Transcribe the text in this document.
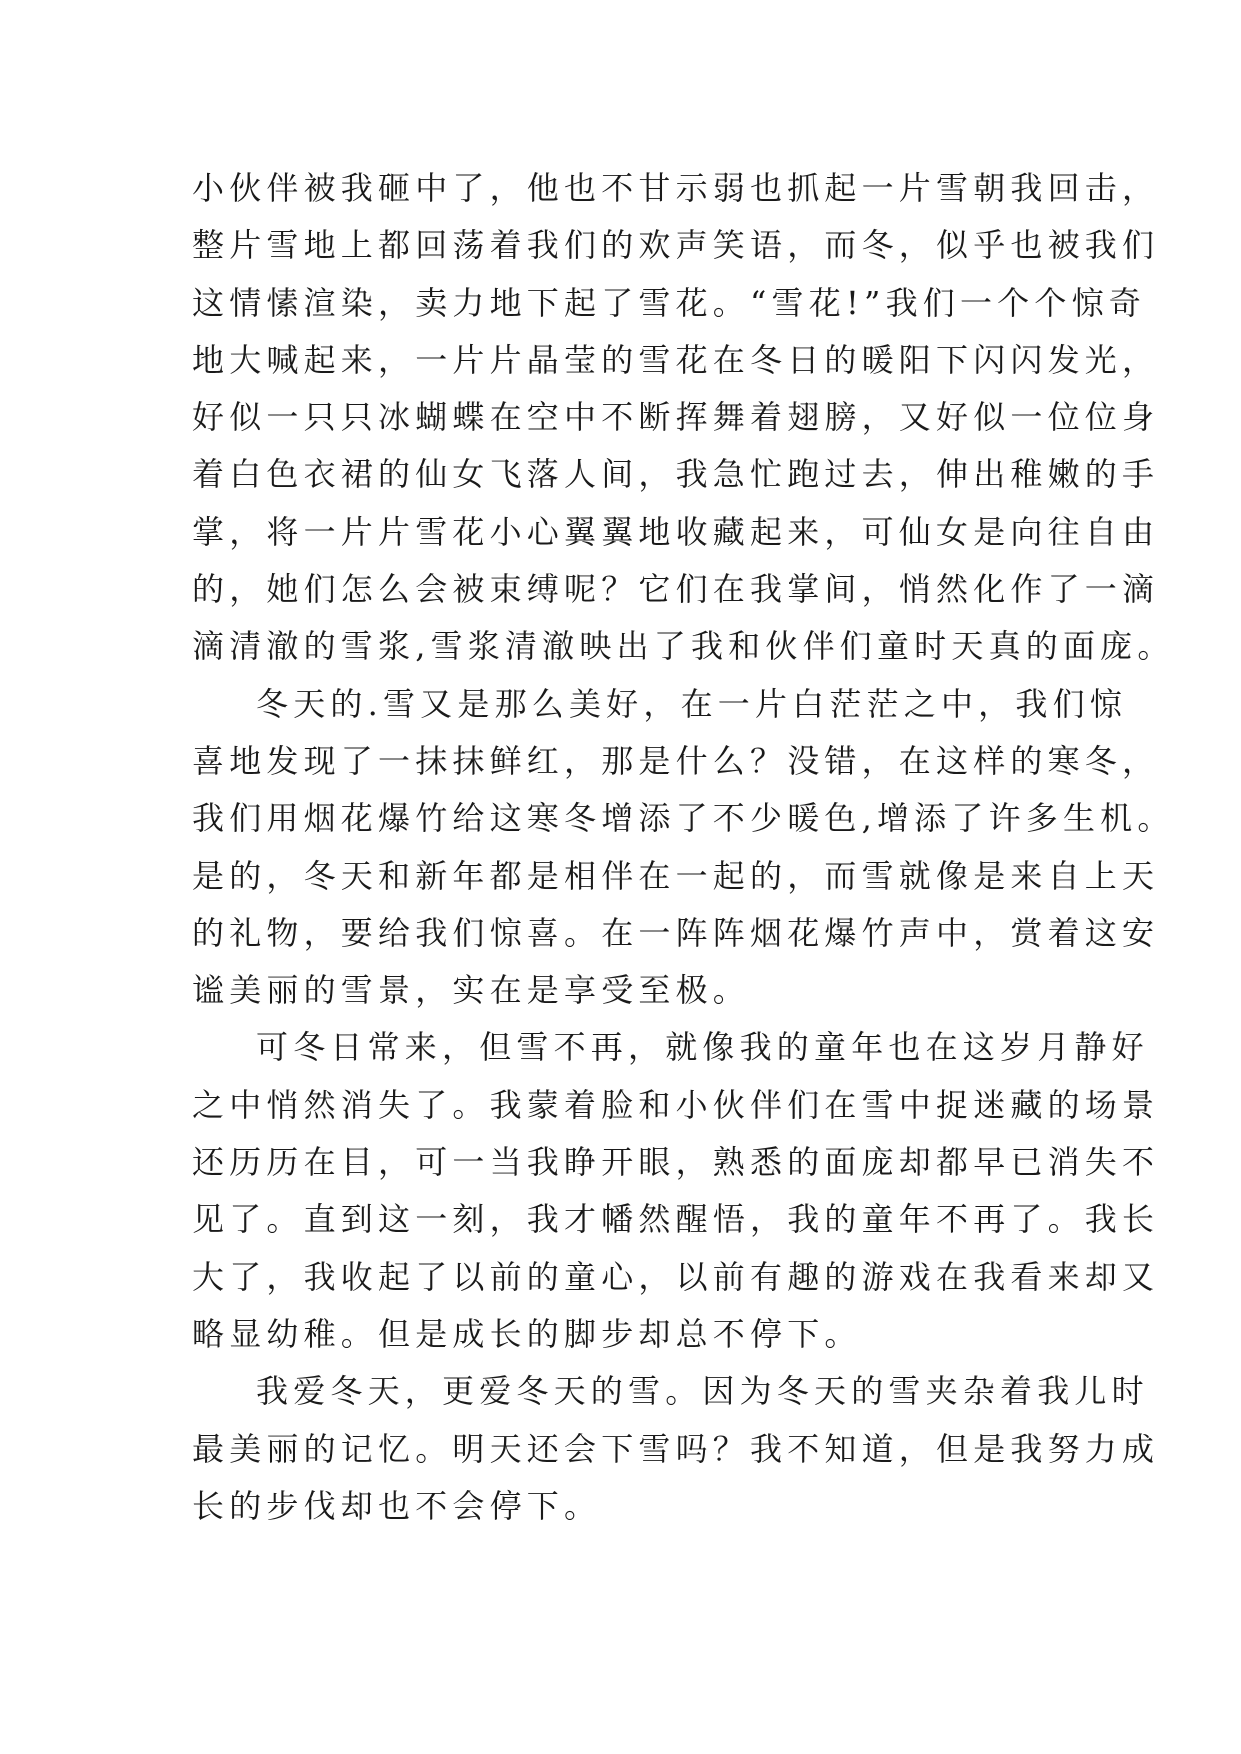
小伙伴被我砸中了，他也不甘示弱也抓起一片雪朝我回击，
整片雪地上都回荡着我们的欢声笑语，而冬，似乎也被我们
这情愫渲染，卖力地下起了雪花。“雪花!”我们一个个惊奇
地大喊起来，一片片晶莹的雪花在冬日的暖阳下闪闪发光，
好似一只只冰蝴蝶在空中不断挥舞着翅膀，又好似一位位身
着白色衣裙的仙女飞落人间，我急忙跑过去，伸出稚嫩的手
掌，将一片片雪花小心翼翼地收藏起来，可仙女是向往自由
的，她们怎么会被束缚呢？它们在我掌间，悄然化作了一滴
滴清澈的雪浆,雪浆清澈映出了我和伙伴们童时天真的面庞。
冬天的.雪又是那么美好，在一片白茫茫之中，我们惊
喜地发现了一抹抹鲜红，那是什么？没错，在这样的寒冬，
我们用烟花爆竹给这寒冬增添了不少暖色,增添了许多生机。
是的，冬天和新年都是相伴在一起的，而雪就像是来自上天
的礼物，要给我们惊喜。在一阵阵烟花爆竹声中，赏着这安
谧美丽的雪景，实在是享受至极。
可冬日常来，但雪不再，就像我的童年也在这岁月静好
之中悄然消失了。我蒙着脸和小伙伴们在雪中捉迷藏的场景
还历历在目，可一当我睁开眼，熟悉的面庞却都早已消失不
见了。直到这一刻，我才幡然醒悟，我的童年不再了。我长
大了，我收起了以前的童心，以前有趣的游戏在我看来却又
略显幼稚。但是成长的脚步却总不停下。
我爱冬天，更爱冬天的雪。因为冬天的雪夹杂着我儿时
最美丽的记忆。明天还会下雪吗？我不知道，但是我努力成
长的步伐却也不会停下。
